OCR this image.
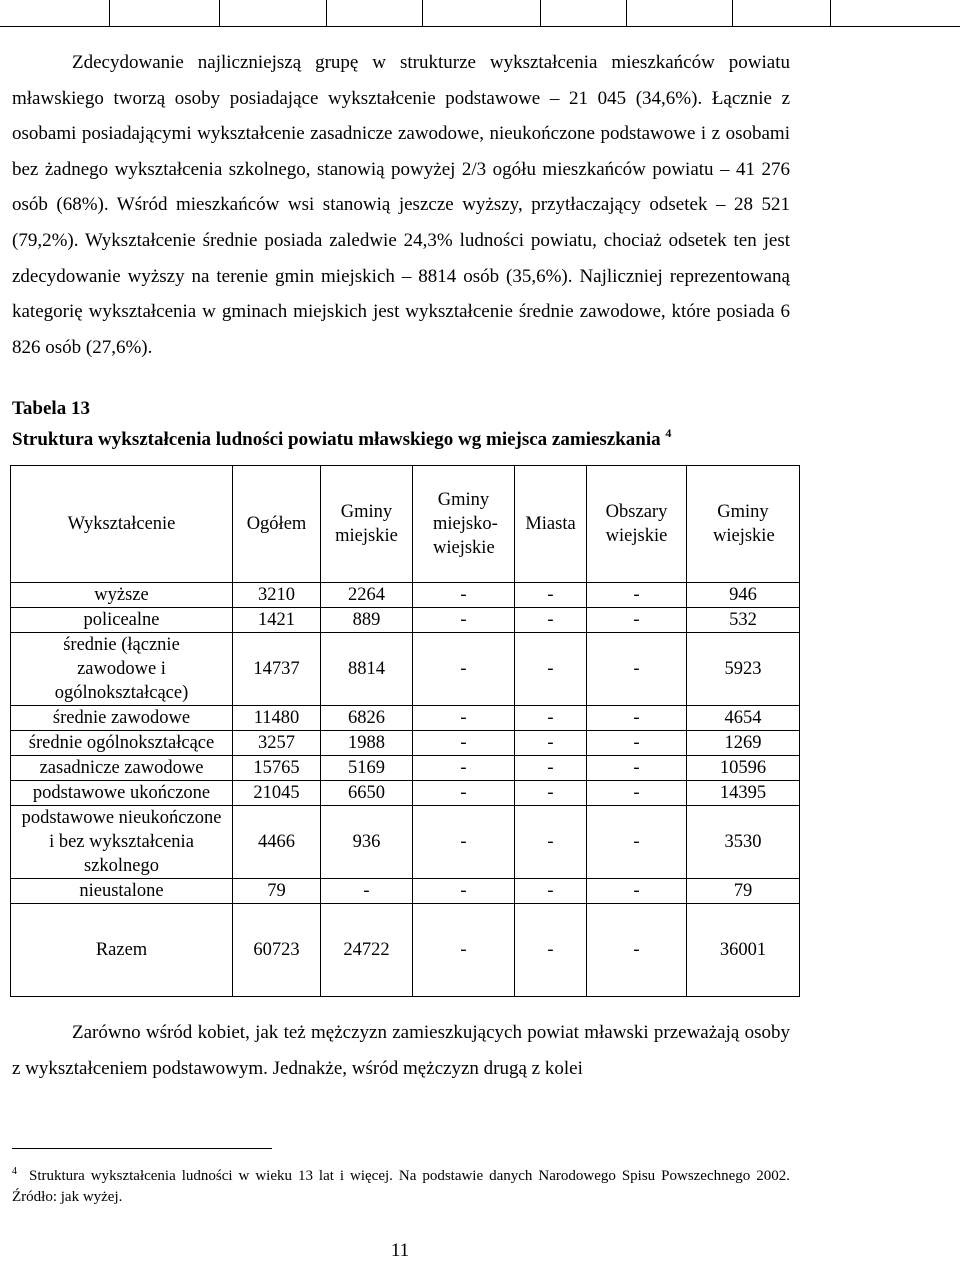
Zdecydowanie najliczniejszą grupę w strukturze wykształcenia mieszkańców powiatu mławskiego tworzą osoby posiadające wykształcenie podstawowe – 21 045 (34,6%). Łącznie z osobami posiadającymi wykształcenie zasadnicze zawodowe, nieukończone podstawowe i z osobami bez żadnego wykształcenia szkolnego, stanowią powyżej 2/3 ogółu mieszkańców powiatu – 41 276 osób (68%). Wśród mieszkańców wsi stanowią jeszcze wyższy, przytłaczający odsetek – 28 521 (79,2%). Wykształcenie średnie posiada zaledwie 24,3% ludności powiatu, chociaż odsetek ten jest zdecydowanie wyższy na terenie gmin miejskich – 8814 osób (35,6%). Najliczniej reprezentowaną kategorię wykształcenia w gminach miejskich jest wykształcenie średnie zawodowe, które posiada 6 826 osób (27,6%).

Tabela 13
Struktura wykształcenia ludności powiatu mławskiego wg miejsca zamieszkania $^4$
Wykształcenie	Ogółem	Gminy miejskie	Gminy miejsko-wiejskie	Miasta	Obszary wiejskie	Gminy wiejskie
wyższe	3210	2264	-	-	-	946
policealne	1421	889	-	-	-	532
średnie (łącznie zawodowe i ogólnokształcące)	14737	8814	-	-	-	5923
średnie zawodowe	11480	6826	-	-	-	4654
średnie ogólnokształcące	3257	1988	-	-	-	1269
zasadnicze zawodowe	15765	5169	-	-	-	10596
podstawowe ukończone	21045	6650	-	-	-	14395
podstawowe nieukończone i bez wykształcenia szkolnego	4466	936	-	-	-	3530
nieustalone	79	-	-	-	-	79
Razem	60723	24722	-	-	-	36001

Zarówno wśród kobiet, jak też mężczyzn zamieszkujących powiat mławski przeważają osoby z wykształceniem podstawowym. Jednakże, wśród mężczyzn drugą z kolei

$^4$ Struktura wykształcenia ludności w wieku 13 lat i więcej. Na podstawie danych Narodowego Spisu Powszechnego 2002. Źródło: jak wyżej.

11
